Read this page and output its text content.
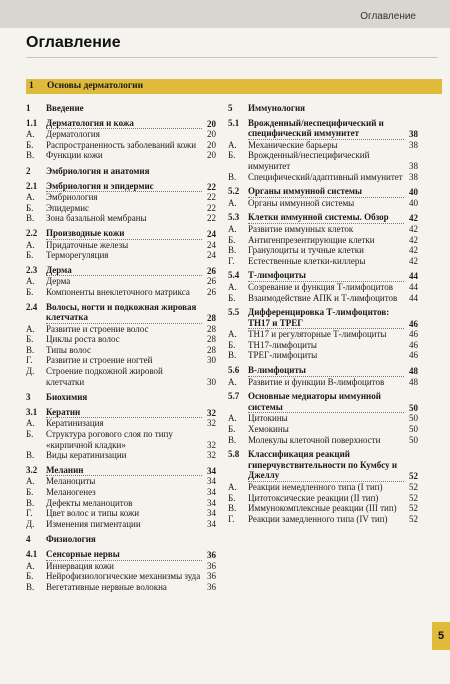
Оглавление
Оглавление
1 Основы дерматологии
1 Введение
1.1 Дерматология и кожа	20
А. Дерматология	20
Б. Распространенность заболеваний кожи	20
В. Функции кожи	20
2 Эмбриология и анатомия
2.1 Эмбриология и эпидермис	22
А. Эмбриология	22
Б. Эпидермис	22
В. Зона базальной мембраны	22
2.2 Производные кожи	24
А. Придаточные железы	24
Б. Терморегуляция	24
2.3 Дерма	26
А. Дерма	26
Б. Компоненты внеклеточного матрикса	26
2.4 Волосы, ногти и подкожная жировая клетчатка	28
А. Развитие и строение волос	28
Б. Циклы роста волос	28
В. Типы волос	28
Г. Развитие и строение ногтей	30
Д. Строение подкожной жировой клетчатки	30
3 Биохимия
3.1 Кератин	32
А. Кератинизация	32
Б. Структура рогового слоя по типу «кирпичной кладки»	32
В. Виды кератинизации	32
3.2 Меланин	34
А. Меланоциты	34
Б. Меланогенез	34
В. Дефекты меланоцитов	34
Г. Цвет волос и типы кожи	34
Д. Изменения пигментации	34
4 Физиология
4.1 Сенсорные нервы	36
А. Иннервация кожи	36
Б. Нейрофизиологические механизмы зуда 36
В. Вегетативные нервные волокна	36
5 Иммунология
5.1 Врожденный/неспецифический и специфический иммунитет	38
А. Механические барьеры	38
Б. Врожденный/неспецифический иммунитет	38
В. Специфический/адаптивный иммунитет 38
5.2 Органы иммунной системы	40
А. Органы иммунной системы	40
5.3 Клетки иммунной системы. Обзор	42
А. Развитие иммунных клеток	42
Б. Антигенпрезентирующие клетки	42
В. Гранулоциты и тучные клетки	42
Г. Естественные клетки-киллеры	42
5.4 Т-лимфоциты	44
А. Созревание и функция Т-лимфоцитов	44
Б. Взаимодействие АПК и Т-лимфоцитов	44
5.5 Дифференцировка Т-лимфоцитов: TH17 и TРЕГ	46
А. TH17 и регуляторные Т-лимфоциты	46
Б. TH17-лимфоциты	46
В. TРЕГ-лимфоциты	46
5.6 В-лимфоциты	48
А. Развитие и функции В-лимфоцитов	48
5.7 Основные медиаторы иммунной системы	50
А. Цитокины	50
Б. Хемокины	50
В. Молекулы клеточной поверхности	50
5.8 Классификация реакций гиперчувствительности по Кумбсу и Джеллу	52
А. Реакции немедленного типа (I тип)	52
Б. Цитотоксические реакции (II тип)	52
В. Иммунокомплексные реакции (III тип)	52
Г. Реакции замедленного типа (IV тип)	52
5
